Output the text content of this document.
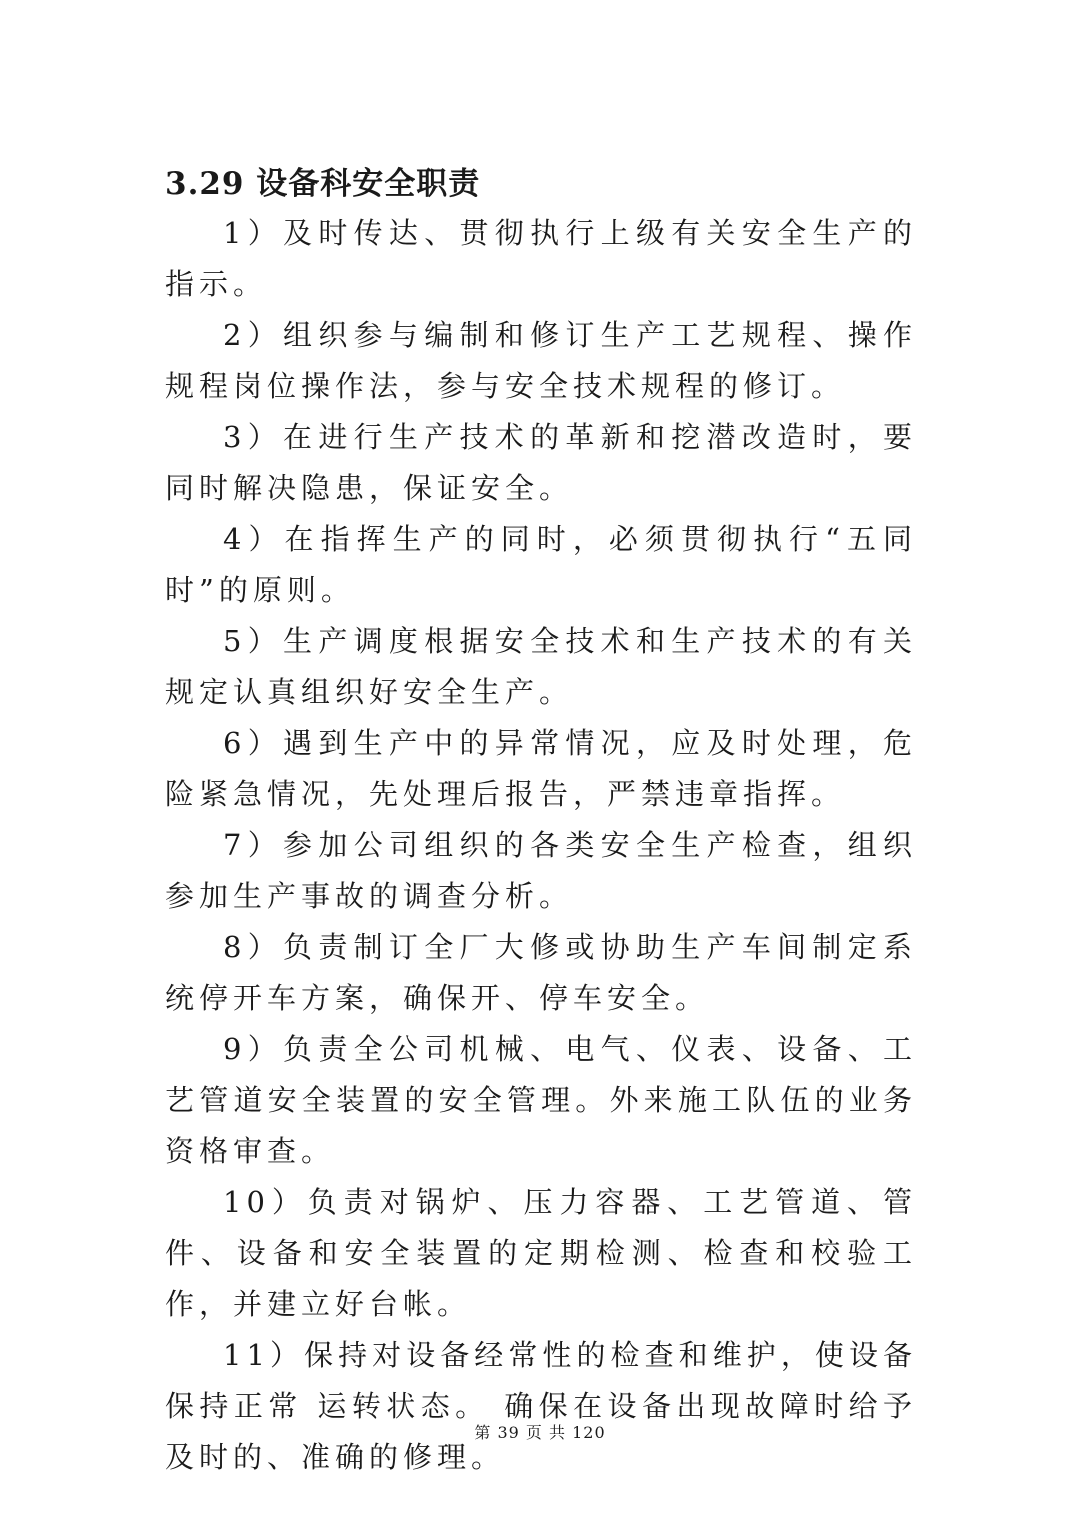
3.29 设备科安全职责

1）及时传达、贯彻执行上级有关安全生产的指示。

2）组织参与编制和修订生产工艺规程、操作规程岗位操作法，参与安全技术规程的修订。

3）在进行生产技术的革新和挖潜改造时，要同时解决隐患，保证安全。

4）在指挥生产的同时，必须贯彻执行“五同时”的原则。

5）生产调度根据安全技术和生产技术的有关规定认真组织好安全生产。

6）遇到生产中的异常情况，应及时处理，危险紧急情况，先处理后报告，严禁违章指挥。

7）参加公司组织的各类安全生产检查，组织参加生产事故的调查分析。

8）负责制订全厂大修或协助生产车间制定系统停开车方案，确保开、停车安全。

9）负责全公司机械、电气、仪表、设备、工艺管道安全装置的安全管理。外来施工队伍的业务资格审查。

10）负责对锅炉、压力容器、工艺管道、管件、设备和安全装置的定期检测、检查和校验工作，并建立好台帐。

11）保持对设备经常性的检查和维护，使设备保持正常 运转状态。 确保在设备出现故障时给予及时的、准确的修理。

第 39 页 共 120
